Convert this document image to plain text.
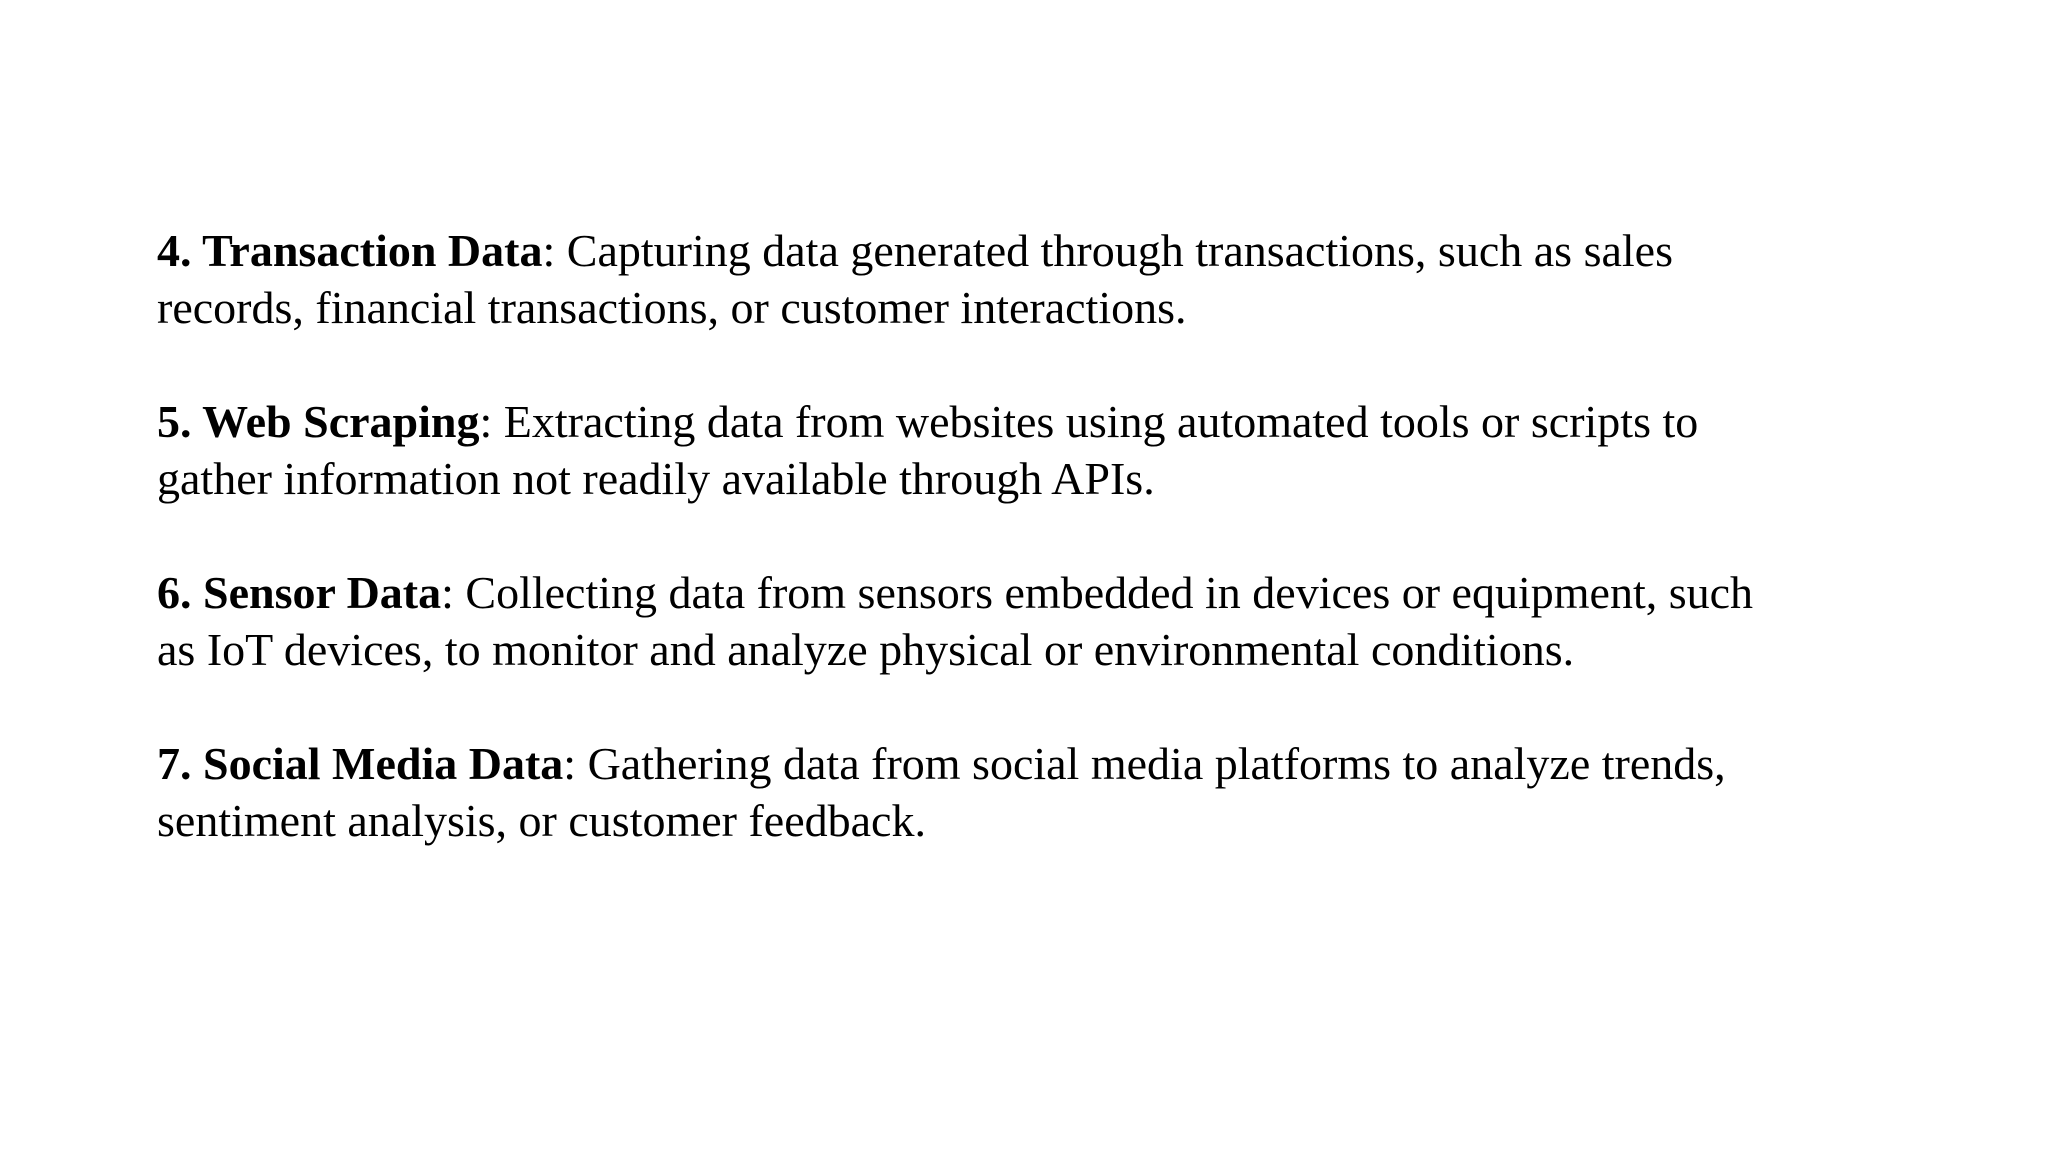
4. Transaction Data: Capturing data generated through transactions, such as sales
records, financial transactions, or customer interactions.

5. Web Scraping: Extracting data from websites using automated tools or scripts to
gather information not readily available through APIs.

6. Sensor Data: Collecting data from sensors embedded in devices or equipment, such
as IoT devices, to monitor and analyze physical or environmental conditions.

7. Social Media Data: Gathering data from social media platforms to analyze trends,
sentiment analysis, or customer feedback.
